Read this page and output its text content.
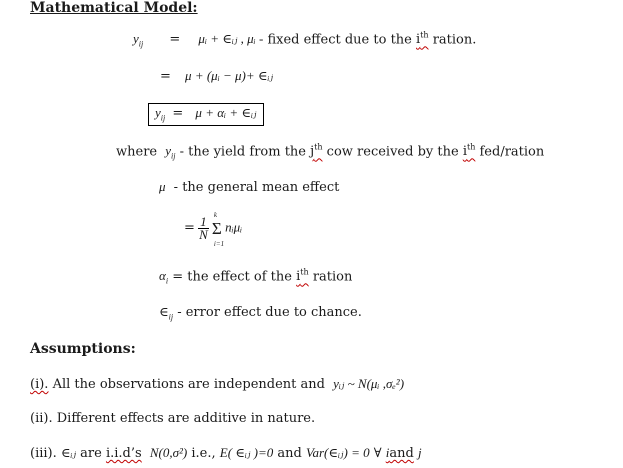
Mathematical Model:
$y_{ij}$ = μᵢ + ∈ᵢⱼ , μᵢ - fixed effect due to the $i^{th}$ ration.
= μ + (μᵢ − μ)+ ∈ᵢⱼ
$y_{ij} = \mu$ + αᵢ + ∈ᵢⱼ
where $y_{ij}$ - the yield from the $j^{th}$ cow received by the $i^{th}$ fed/ration
μ - the general mean effect
= $\frac{1}{N}$ Σ
k
i=1
nᵢμᵢ
$\alpha_i$ = the effect of the $i^{th}$ ration
$\in_{ij}$ - error effect due to chance.
Assumptions:
(i). All the observations are independent and yᵢⱼ ~ N(μᵢ ,σₑ²)
(ii). Different effects are additive in nature.
(iii). ∈ᵢⱼ are i.i.d’s N(0,σ²) i.e., E( ∈ᵢⱼ )=0 and Var(∈ᵢⱼ) = 0 ∀ iand j
